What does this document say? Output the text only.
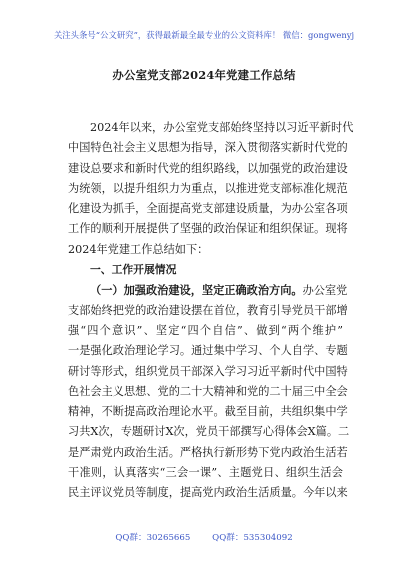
关注头条号“公文研究”，获得最新最全最专业的公文资料库！ 微信：gongwenyj
办公室党支部2024年党建工作总结
2024年以来，办公室党支部始终坚持以习近平新时代
中国特色社会主义思想为指导，深入贯彻落实新时代党的
建设总要求和新时代党的组织路线，以加强党的政治建设
为统领，以提升组织力为重点，以推进党支部标准化规范
化建设为抓手，全面提高党支部建设质量，为办公室各项
工作的顺利开展提供了坚强的政治保证和组织保证。现将
2024年党建工作总结如下：
一、工作开展情况
（一）加强政治建设，坚定正确政治方向。办公室党
支部始终把党的政治建设摆在首位，教育引导党员干部增
强“四个意识”、坚定“四个自信”、做到“两个维护”
一是强化政治理论学习。通过集中学习、个人自学、专题
研讨等形式，组织党员干部深入学习习近平新时代中国特
色社会主义思想、党的二十大精神和党的二十届三中全会
精神，不断提高政治理论水平。截至目前，共组织集中学
习共X次，专题研讨X次，党员干部撰写心得体会X篇。二
是严肃党内政治生活。严格执行新形势下党内政治生活若
干准则，认真落实“三会一课”、主题党日、组织生活会
民主评议党员等制度，提高党内政治生活质量。今年以来
QQ群：30265665        QQ群：535304092
